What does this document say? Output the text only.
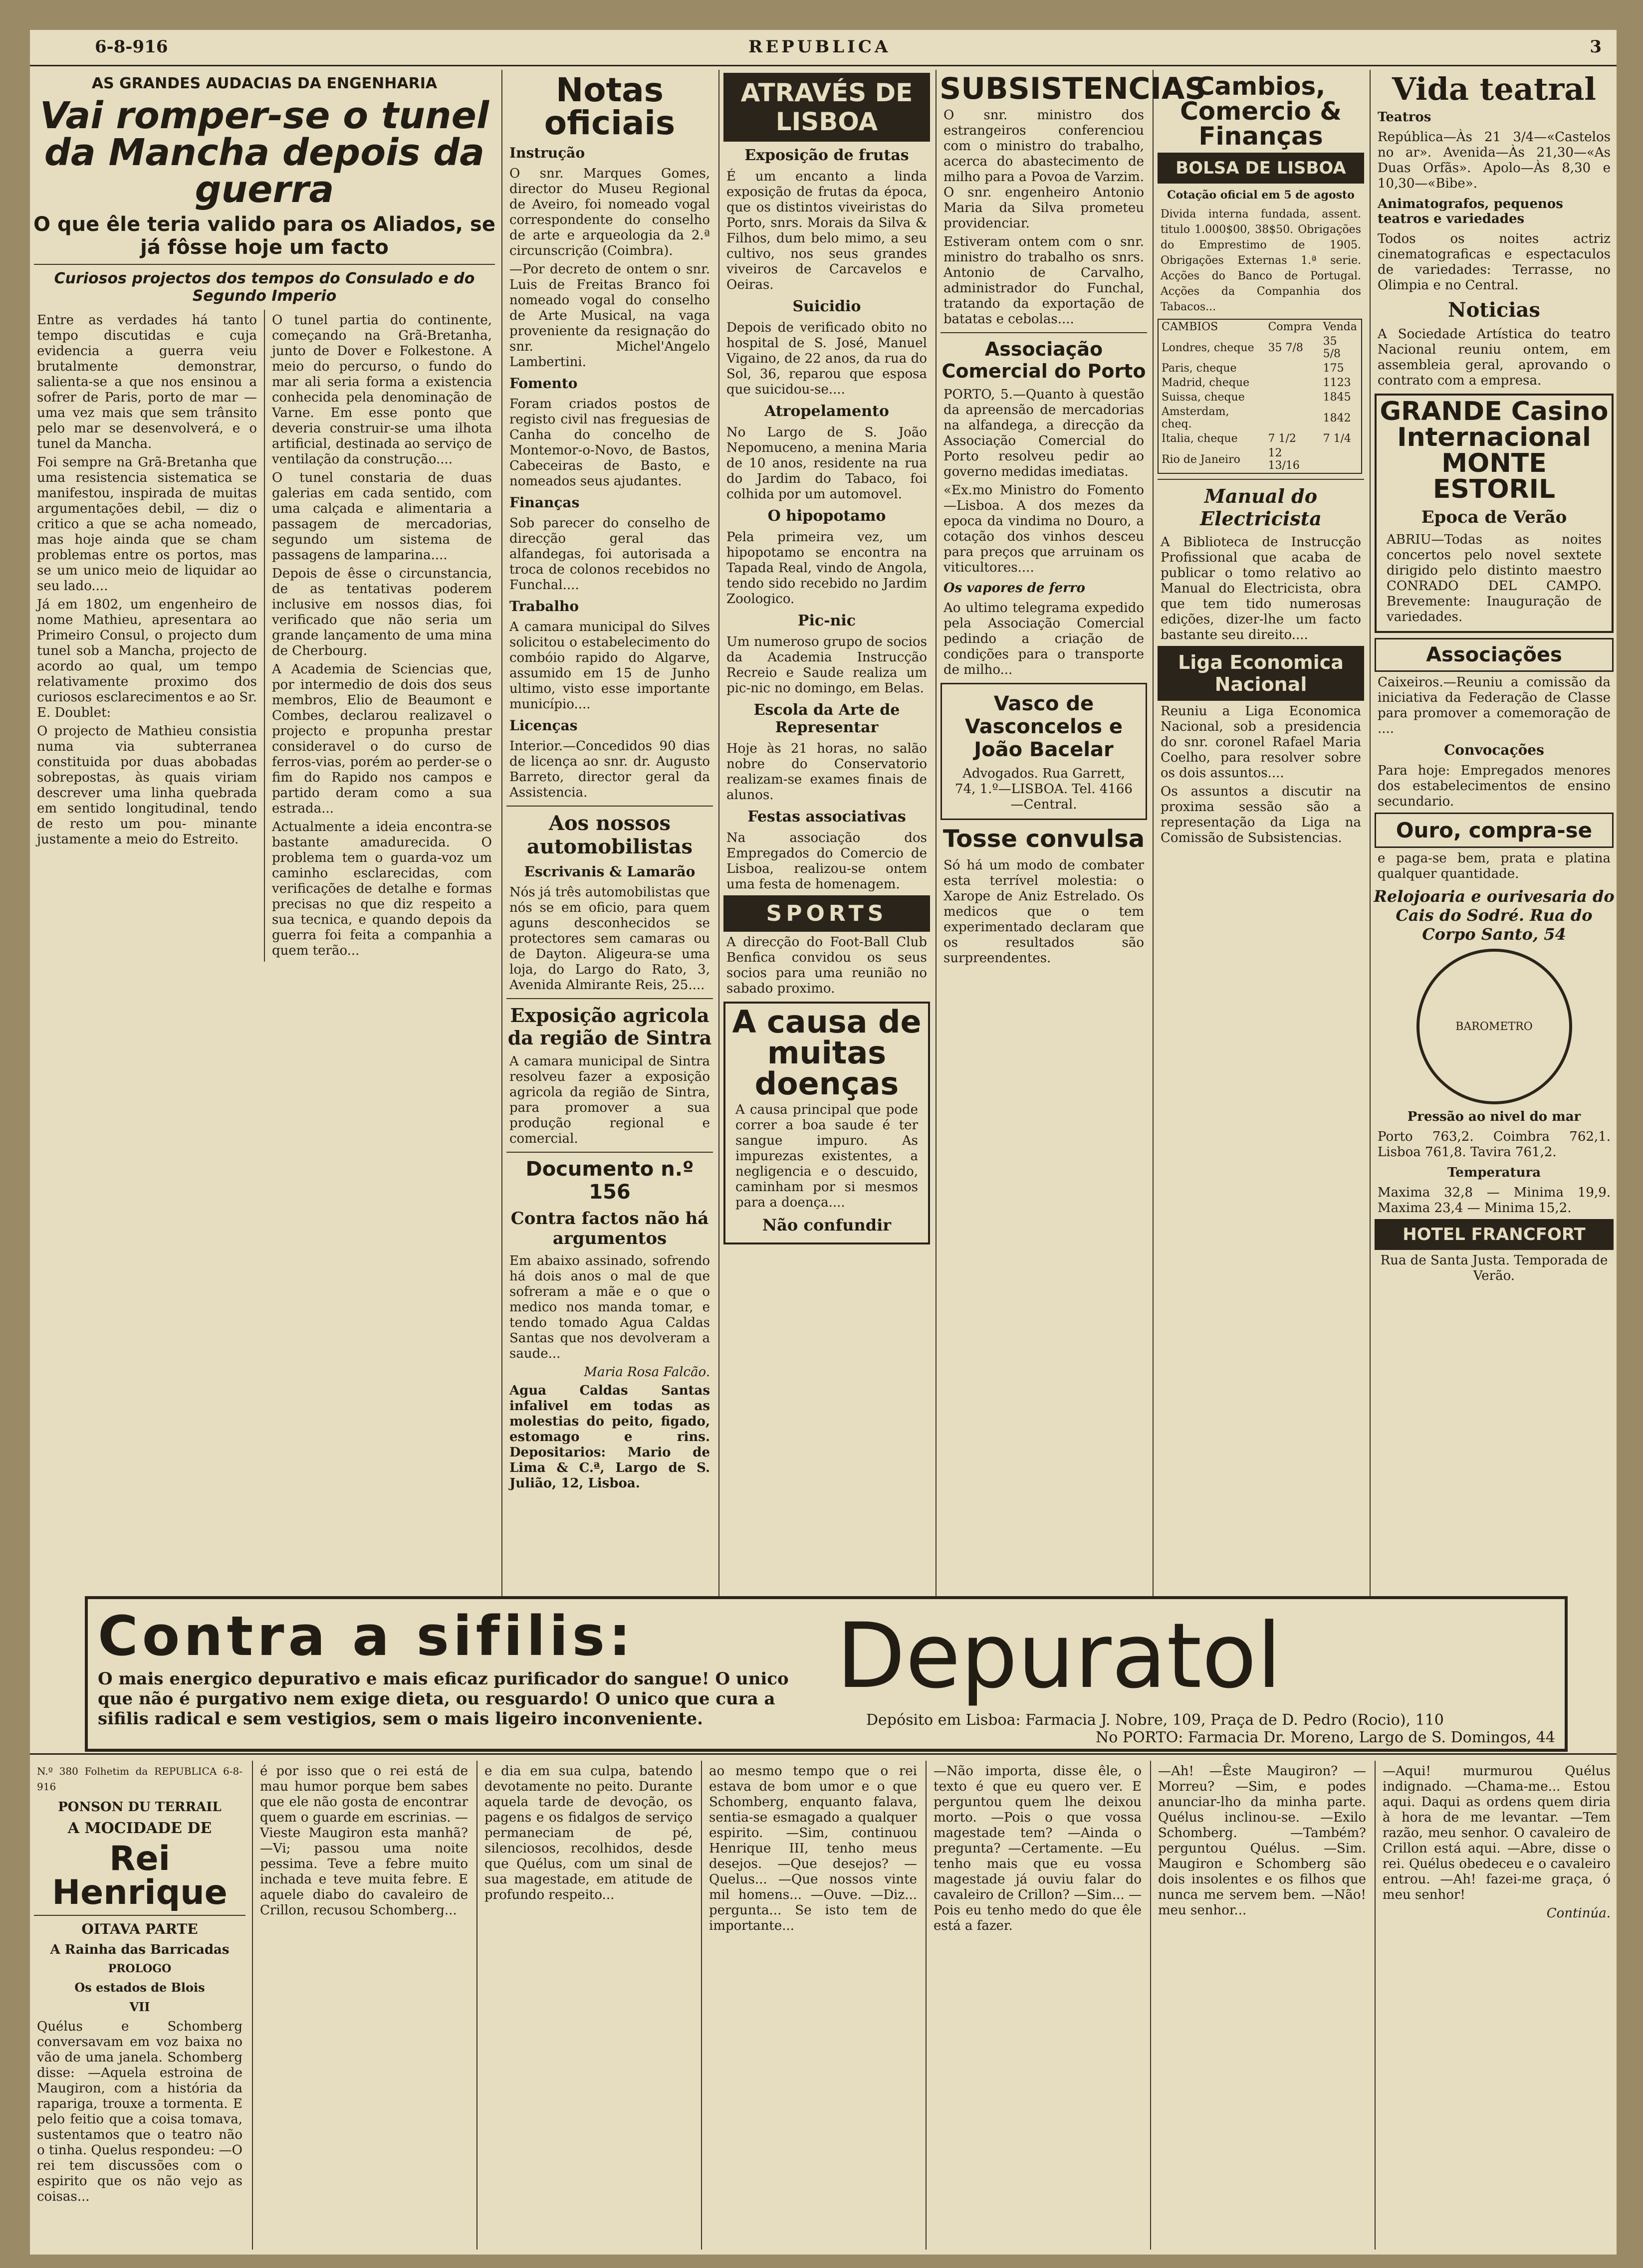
6-8-916	REPUBLICA	3
AS GRANDES AUDACIAS DA ENGENHARIA
Vai romper-se o tunel da Mancha depois da guerra
O que êle teria valido para os Aliados, se já fôsse hoje um facto
Curiosos projectos dos tempos do Consulado e do Segundo Imperio
Entre as verdades há tanto tempo discutidas e cuja evidencia a guerra veiu brutalmente demonstrar, salienta-se a que nos ensinou a sofrer de Paris, porto de mar — uma vez mais que sem trânsito pelo mar se desenvolverá, e o tunel da Mancha.
Foi sempre na Grã-Bretanha que uma resistencia sistematica se manifestou, inspirada de muitas argumentações debil, — diz o critico a que se acha nomeado, mas hoje ainda que se cham problemas entre os portos, mas se um unico meio de liquidar ao seu lado....
Já em 1802, um engenheiro de nome Mathieu, apresentara ao Primeiro Consul, o projecto dum tunel sob a Mancha, projecto de acordo ao qual, um tempo relativamente proximo dos curiosos esclarecimentos e ao Sr. E. Doublet:
O projecto de Mathieu consistia numa via subterranea constituida por duas abobadas sobrepostas, às quais viriam descrever uma linha quebrada em sentido longitudinal, tendo de resto um pou- minante justamente a meio do Estreito.
O tunel partia do continente, começando na Grã-Bretanha, junto de Dover e Folkestone. A meio do percurso, o fundo do mar ali seria forma a existencia conhecida pela denominação de Varne. Em esse ponto que deveria construir-se uma ilhota artificial, destinada ao serviço de ventilação da construção....
O tunel constaria de duas galerias em cada sentido, com uma calçada e alimentaria a passagem de mercadorias, segundo um sistema de passagens de lamparina....
Depois de êsse o circunstancia, de as tentativas poderem inclusive em nossos dias, foi verificado que não seria um grande lançamento de uma mina de Cherbourg.
A Academia de Sciencias que, por intermedio de dois dos seus membros, Elio de Beaumont e Combes, declarou realizavel o projecto e propunha prestar consideravel o do curso de ferros-vias, porém ao perder-se o fim do Rapido nos campos e partido deram como a sua estrada...
Actualmente a ideia encontra-se bastante amadurecida. O problema tem o guarda-voz um caminho esclarecidas, com verificações de detalhe e formas precisas no que diz respeito a sua tecnica, e quando depois da guerra foi feita a companhia a quem terão...
Notas oficiais
Instrução
O snr. Marques Gomes, director do Museu Regional de Aveiro, foi nomeado vogal correspondente do conselho de arte e arqueologia da 2.ª circunscrição (Coimbra).
—Por decreto de ontem o snr. Luis de Freitas Branco foi nomeado vogal do conselho de Arte Musical, na vaga proveniente da resignação do snr. Michel'Angelo Lambertini.
Fomento
Foram criados postos de registo civil nas freguesias de Canha do concelho de Montemor-o-Novo, de Bastos, Cabeceiras de Basto, e nomeados seus ajudantes.
Finanças
Sob parecer do conselho de direcção geral das alfandegas, foi autorisada a troca de colonos recebidos no Funchal....
Trabalho
A camara municipal do Silves solicitou o estabelecimento do combóio rapido do Algarve, assumido em 15 de Junho ultimo, visto esse importante município....
Licenças
Interior.—Concedidos 90 dias de licença ao snr. dr. Augusto Barreto, director geral da Assistencia.
Aos nossos automobilistas
Escrivanis & Lamarão
Nós já três automobilistas que nós se em oficio, para quem aguns desconhecidos se protectores sem camaras ou de Dayton. Aligeura-se uma loja, do Largo do Rato, 3, Avenida Almirante Reis, 25....
Exposição agricola da região de Sintra
A camara municipal de Sintra resolveu fazer a exposição agricola da região de Sintra, para promover a sua produção regional e comercial.
Documento n.º 156
Contra factos não há argumentos
Em abaixo assinado, sofrendo há dois anos o mal de que sofreram a mãe e o que o medico nos manda tomar, e tendo tomado Agua Caldas Santas que nos devolveram a saude...
Maria Rosa Falcão.
Agua Caldas Santas infalivel em todas as molestias do peito, figado, estomago e rins. Depositarios: Mario de Lima & C.ª, Largo de S. Julião, 12, Lisboa.
ATRAVÉS DE LISBOA
Exposição de frutas
É um encanto a linda exposição de frutas da época, que os distintos viveiristas do Porto, snrs. Morais da Silva & Filhos, dum belo mimo, a seu cultivo, nos seus grandes viveiros de Carcavelos e Oeiras.
Suicidio
Depois de verificado obito no hospital de S. José, Manuel Vigaino, de 22 anos, da rua do Sol, 36, reparou que esposa que suicidou-se....
Atropelamento
No Largo de S. João Nepomuceno, a menina Maria de 10 anos, residente na rua do Jardim do Tabaco, foi colhida por um automovel.
O hipopotamo
Pela primeira vez, um hipopotamo se encontra na Tapada Real, vindo de Angola, tendo sido recebido no Jardim Zoologico.
Pic-nic
Um numeroso grupo de socios da Academia Instrucção Recreio e Saude realiza um pic-nic no domingo, em Belas.
Escola da Arte de Representar
Hoje às 21 horas, no salão nobre do Conservatorio realizam-se exames finais de alunos.
Festas associativas
Na associação dos Empregados do Comercio de Lisboa, realizou-se ontem uma festa de homenagem.
SPORTS
A direcção do Foot-Ball Club Benfica convidou os seus socios para uma reunião no sabado proximo.
A causa de muitas doenças
A causa principal que pode correr a boa saude é ter sangue impuro. As impurezas existentes, a negligencia e o descuido, caminham por si mesmos para a doença....
Não confundir
SUBSISTENCIAS
O snr. ministro dos estrangeiros conferenciou com o ministro do trabalho, acerca do abastecimento de milho para a Povoa de Varzim. O snr. engenheiro Antonio Maria da Silva prometeu providenciar.
Estiveram ontem com o snr. ministro do trabalho os snrs. Antonio de Carvalho, administrador do Funchal, tratando da exportação de batatas e cebolas....
Associação Comercial do Porto
PORTO, 5.—Quanto à questão da apreensão de mercadorias na alfandega, a direcção da Associação Comercial do Porto resolveu pedir ao governo medidas imediatas.
«Ex.mo Ministro do Fomento—Lisboa. A dos mezes da epoca da vindima no Douro, a cotação dos vinhos desceu para preços que arruinam os viticultores....
Os vapores de ferro
Ao ultimo telegrama expedido pela Associação Comercial pedindo a criação de condições para o transporte de milho...
Vasco de Vasconcelos e João Bacelar
Advogados. Rua Garrett, 74, 1.º—LISBOA. Tel. 4166—Central.
Tosse convulsa
Só há um modo de combater esta terrível molestia: o Xarope de Aniz Estrelado. Os medicos que o tem experimentado declaram que os resultados são surpreendentes.
Cambios, Comercio & Finanças
BOLSA DE LISBOA
Cotação oficial em 5 de agosto
Divida interna fundada, assent. titulo 1.000$00, 38$50. Obrigações do Emprestimo de 1905. Obrigações Externas 1.ª serie. Acções do Banco de Portugal. Acções da Companhia dos Tabacos...
CAMBIOS	Compra	Venda
Londres, cheque	35 7/8	35 5/8
Paris, cheque		175
Madrid, cheque		1123
Suissa, cheque		1845
Amsterdam, cheq.		1842
Italia, cheque	7 1/2	7 1/4
Rio de Janeiro	12 13/16	
Manual do Electricista
A Biblioteca de Instrucção Profissional que acaba de publicar o tomo relativo ao Manual do Electricista, obra que tem tido numerosas edições, dizer-lhe um facto bastante seu direito....
Liga Economica Nacional
Reuniu a Liga Economica Nacional, sob a presidencia do snr. coronel Rafael Maria Coelho, para resolver sobre os dois assuntos....
Os assuntos a discutir na proxima sessão são a representação da Liga na Comissão de Subsistencias.
Vida teatral
Teatros
República—Às 21 3/4—«Castelos no ar». Avenida—Às 21,30—«As Duas Orfãs». Apolo—Às 8,30 e 10,30—«Bibe».
Animatografos, pequenos teatros e variedades
Todos os noites actriz cinematograficas e espectaculos de variedades: Terrasse, no Olimpia e no Central.
Noticias
A Sociedade Artística do teatro Nacional reuniu ontem, em assembleia geral, aprovando o contrato com a empresa.
GRANDE Casino Internacional MONTE ESTORIL
Epoca de Verão
ABRIU—Todas as noites concertos pelo novel sextete dirigido pelo distinto maestro CONRADO DEL CAMPO. Brevemente: Inauguração de variedades.
Associações
Caixeiros.—Reuniu a comissão da iniciativa da Federação de Classe para promover a comemoração de ....
Convocações
Para hoje: Empregados menores dos estabelecimentos de ensino secundario.
Ouro, compra-se
e paga-se bem, prata e platina qualquer quantidade.
Relojoaria e ourivesaria do Cais do Sodré. Rua do Corpo Santo, 54
BAROMETRO
Pressão ao nivel do mar
Porto 763,2. Coimbra 762,1. Lisboa 761,8. Tavira 761,2.
Temperatura
Maxima 32,8 — Minima 19,9. Maxima 23,4 — Minima 15,2.
HOTEL FRANCFORT
Rua de Santa Justa. Temporada de Verão.
Contra a sifilis:
O mais energico depurativo e mais eficaz purificador do sangue! O unico que não é purgativo nem exige dieta, ou resguardo! O unico que cura a sifilis radical e sem vestigios, sem o mais ligeiro inconveniente.
Depuratol
Depósito em Lisboa: Farmacia J. Nobre, 109, Praça de D. Pedro (Rocio), 110
No PORTO: Farmacia Dr. Moreno, Largo de S. Domingos, 44
N.º 380 Folhetim da REPUBLICA 6-8-916
PONSON DU TERRAIL
A MOCIDADE DE
Rei Henrique
OITAVA PARTE
A Rainha das Barricadas
PROLOGO
Os estados de Blois
VII
Quélus e Schomberg conversavam em voz baixa no vão de uma janela. Schomberg disse: —Aquela estroina de Maugiron, com a história da rapariga, trouxe a tormenta. E pelo feitio que a coisa tomava, sustentamos que o teatro não o tinha. Quelus respondeu: —O rei tem discussões com o espirito que os não vejo as coisas...
é por isso que o rei está de mau humor porque bem sabes que ele não gosta de encontrar quem o guarde em escrinias. —Vieste Maugiron esta manhã? —Vi; passou uma noite pessima. Teve a febre muito inchada e teve muita febre. E aquele diabo do cavaleiro de Crillon, recusou Schomberg...
e dia em sua culpa, batendo devotamente no peito. Durante aquela tarde de devoção, os pagens e os fidalgos de serviço permaneciam de pé, silenciosos, recolhidos, desde que Quélus, com um sinal de sua magestade, em atitude de profundo respeito...
ao mesmo tempo que o rei estava de bom umor e o que Schomberg, enquanto falava, sentia-se esmagado a qualquer espirito. —Sim, continuou Henrique III, tenho meus desejos. —Que desejos? —Quelus... —Que nossos vinte mil homens... —Ouve. —Diz... pergunta... Se isto tem de importante...
—Não importa, disse êle, o texto é que eu quero ver. E perguntou quem lhe deixou morto. —Pois o que vossa magestade tem? —Ainda o pregunta? —Certamente. —Eu tenho mais que eu vossa magestade já ouviu falar do cavaleiro de Crillon? —Sim... —Pois eu tenho medo do que êle está a fazer.
—Ah! —Êste Maugiron? —Morreu? —Sim, e podes anunciar-lho da minha parte. Quélus inclinou-se. —Exilo Schomberg. —Também? perguntou Quélus. —Sim. Maugiron e Schomberg são dois insolentes e os filhos que nunca me servem bem. —Não! meu senhor...
—Aqui! murmurou Quélus indignado. —Chama-me... Estou aqui. Daqui as ordens quem diria à hora de me levantar. —Tem razão, meu senhor. O cavaleiro de Crillon está aqui. —Abre, disse o rei. Quélus obedeceu e o cavaleiro entrou. —Ah! fazei-me graça, ó meu senhor!
Continúa.
